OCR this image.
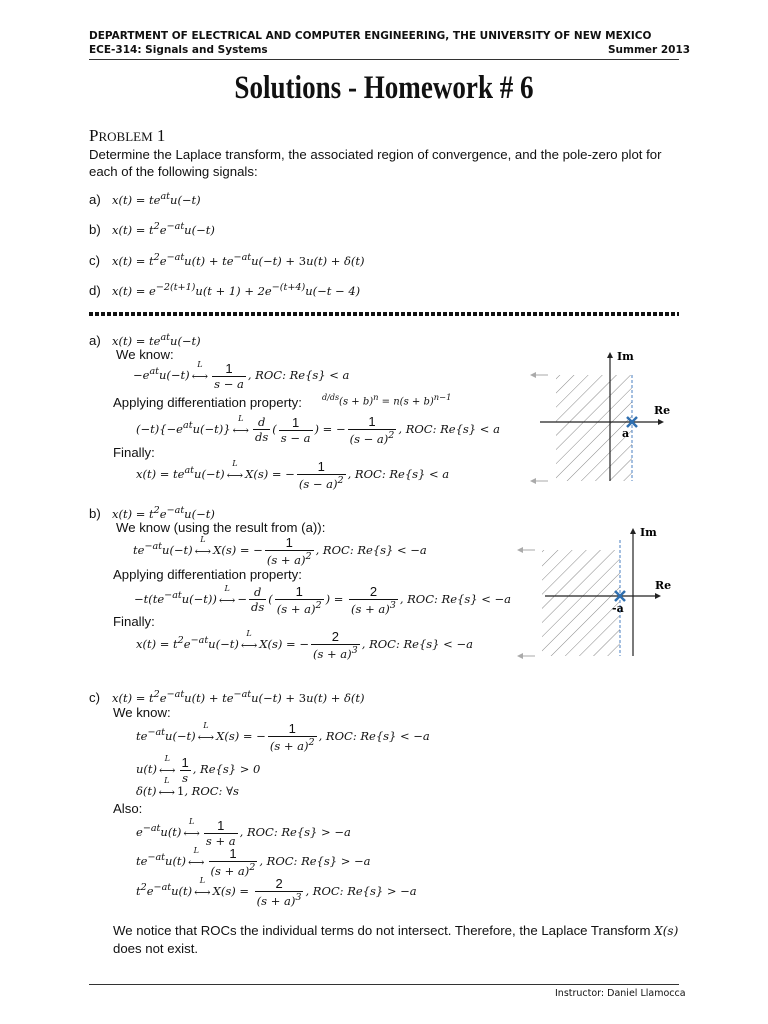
DEPARTMENT OF ELECTRICAL AND COMPUTER ENGINEERING, THE UNIVERSITY OF NEW MEXICO
ECE-314: Signals and Systems	Summer 2013
Solutions - Homework # 6
PROBLEM 1
Determine the Laplace transform, the associated region of convergence, and the pole-zero plot for each of the following signals:
a) $x(t) = te^{at}u(-t)$
b) $x(t) = t^2e^{-at}u(-t)$
c) $x(t) = t^2e^{-at}u(t) + te^{-at}u(-t) + 3u(t) + \delta(t)$
d) $x(t) = e^{-2(t+1)}u(t + 1) + 2e^{-(t+4)}u(-t - 4)$
a) $x(t) = te^{at}u(-t)$
We know:
$-e^{at}u(-t)$
L
⟷ $\frac{1}{s - a}$ , ROC: Re{s} < a
Applying differentiation property:	$^{d/ds}(s + b)^n = n(s + b)^{n-1}$
$(-t)\{-e^{at}u(-t)\}$
L
⟷ $\frac{d}{ds}$ ( $\frac{1}{s - a}$ ) = − $\frac{1}{(s - a)^2}$ , ROC: Re{s} < a
Finally:
$x(t) = te^{at}u(-t)$
L
⟷ X(s) = − $\frac{1}{(s - a)^2}$ , ROC: Re{s} < a
Im
Re
a
b) $x(t) = t^2e^{-at}u(-t)$
We know (using the result from (a)):
$te^{-at}u(-t)$
L
⟷ X(s) = − $\frac{1}{(s + a)^2}$ , ROC: Re{s} < −a
Applying differentiation property:
$-t(te^{-at}u(-t))$
L
⟷ − $\frac{d}{ds}$ ( $\frac{1}{(s + a)^2}$ ) = $\frac{2}{(s + a)^3}$ , ROC: Re{s} < −a
Finally:
$x(t) = t^2e^{-at}u(-t)$
L
⟷ X(s) = − $\frac{2}{(s + a)^3}$ , ROC: Re{s} < −a
Im
Re
-a
c) $x(t) = t^2e^{-at}u(t) + te^{-at}u(-t) + 3u(t) + \delta(t)$
We know:
$te^{-at}u(-t)$
L
⟷ X(s) = − $\frac{1}{(s + a)^2}$ , ROC: Re{s} < −a
u(t)
L
⟷ $\frac{1}{s}$ , Re{s} > 0
δ(t)
L
⟷ 1, ROC: ∀s
Also:
$e^{-at}u(t)$
L
⟷ $\frac{1}{s + a}$ , ROC: Re{s} > −a
$te^{-at}u(t)$
L
⟷ $\frac{1}{(s + a)^2}$ , ROC: Re{s} > −a
$t^2e^{-at}u(t)$
L
⟷ $X(s) = \frac{2}{(s + a)^3}$ , ROC: Re{s} > −a
We notice that ROCs the individual terms do not intersect. Therefore, the Laplace Transform X(s) does not exist.
Instructor: Daniel Llamocca
